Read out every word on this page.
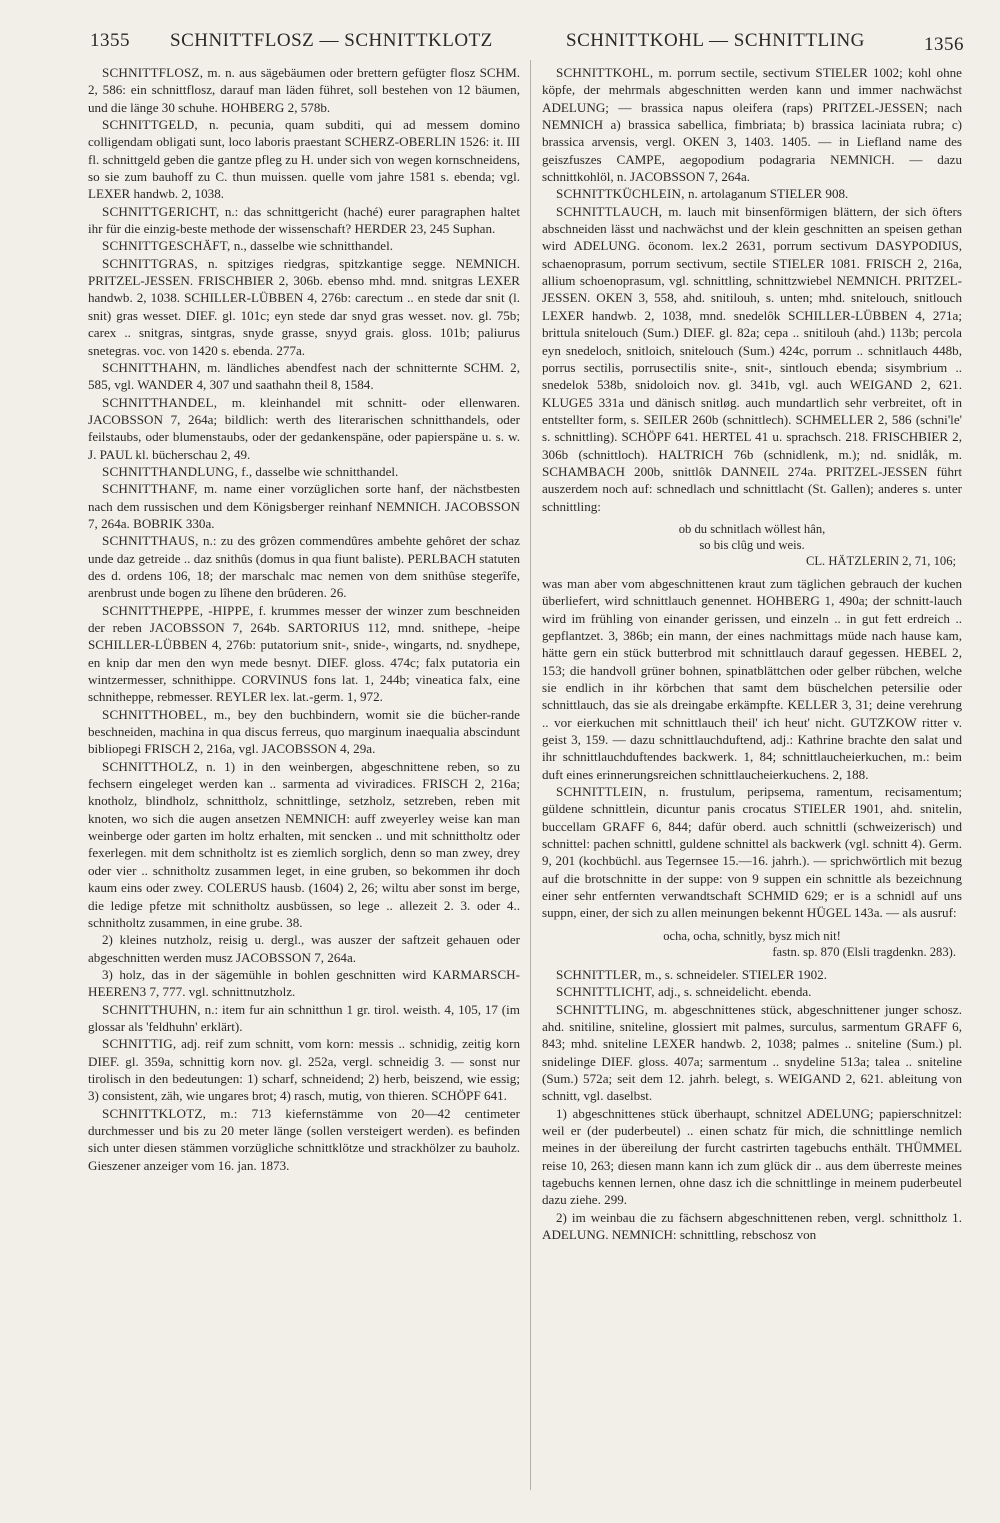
1355 SCHNITTFLOSZ — SCHNITTKLOTZ	SCHNITTKOHL — SCHNITTLING	1356

SCHNITTFLOSZ, m. n. aus sägebäumen oder brettern gefügter flosz SCHM. 2, 586: ein schnittflosz, darauf man läden führet, soll bestehen von 12 bäumen, und die länge 30 schuhe. HOHBERG 2, 578b.

SCHNITTGELD, n. pecunia, quam subditi, qui ad messem domino colligendam obligati sunt, loco laboris praestant SCHERZ-OBERLIN 1526: it. III fl. schnittgeld geben die gantze pfleg zu H. under sich von wegen kornschneidens, so sie zum bauhoff zu C. thun muissen. quelle vom jahre 1581 s. ebenda; vgl. LEXER handwb. 2, 1038.

SCHNITTGERICHT, n.: das schnittgericht (haché) eurer paragraphen haltet ihr für die einzig-beste methode der wissenschaft? HERDER 23, 245 Suphan.

SCHNITTGESCHÄFT, n., dasselbe wie schnitthandel.

SCHNITTGRAS, n. spitziges riedgras, spitzkantige segge. NEMNICH. PRITZEL-JESSEN. FRISCHBIER 2, 306b. ebenso mhd. mnd. snitgras LEXER handwb. 2, 1038. SCHILLER-LÜBBEN 4, 276b: carectum .. en stede dar snit (l. snit) gras wesset. DIEF. gl. 101c; eyn stede dar snyd gras wesset. nov. gl. 75b; carex .. snitgras, sintgras, snyde grasse, snyyd grais. gloss. 101b; paliurus snetegras. voc. von 1420 s. ebenda. 277a.

SCHNITTHAHN, m. ländliches abendfest nach der schnitternte SCHM. 2, 585, vgl. WANDER 4, 307 und saathahn theil 8, 1584.

SCHNITTHANDEL, m. kleinhandel mit schnitt- oder ellenwaren. JACOBSSON 7, 264a; bildlich: werth des literarischen schnitthandels, oder feilstaubs, oder blumenstaubs, oder der gedankenspäne, oder papierspäne u. s. w. J. PAUL kl. bücherschau 2, 49.

SCHNITTHANDLUNG, f., dasselbe wie schnitthandel.

SCHNITTHANF, m. name einer vorzüglichen sorte hanf, der nächstbesten nach dem russischen und dem Königsberger reinhanf NEMNICH. JACOBSSON 7, 264a. BOBRIK 330a.

SCHNITTHAUS, n.: zu des grôzen commendûres ambehte gehôret der schaz unde daz getreide .. daz snithûs (domus in qua fiunt baliste). PERLBACH statuten des d. ordens 106, 18; der marschalc mac nemen von dem snithûse stegerîfe, arenbrust unde bogen zu lîhene den brûderen. 26.

SCHNITTHEPPE, -HIPPE, f. krummes messer der winzer zum beschneiden der reben JACOBSSON 7, 264b. SARTORIUS 112, mnd. snithepe, -heipe SCHILLER-LÜBBEN 4, 276b: putatorium snit-, snide-, wingarts, nd. snydhepe, en knip dar men den wyn mede besnyt. DIEF. gloss. 474c; falx putatoria ein wintzermesser, schnithippe. CORVINUS fons lat. 1, 244b; vineatica falx, eine schnitheppe, rebmesser. REYLER lex. lat.-germ. 1, 972.

SCHNITTHOBEL, m., bey den buchbindern, womit sie die bücher-rande beschneiden, machina in qua discus ferreus, quo marginum inaequalia abscindunt bibliopegi FRISCH 2, 216a, vgl. JACOBSSON 4, 29a.

SCHNITTHOLZ, n. 1) in den weinbergen, abgeschnittene reben, so zu fechsern eingeleget werden kan .. sarmenta ad viviradices. FRISCH 2, 216a; knotholz, blindholz, schnittholz, schnittlinge, setzholz, setzreben, reben mit knoten, wo sich die augen ansetzen NEMNICH: auff zweyerley weise kan man weinberge oder garten im holtz erhalten, mit sencken .. und mit schnittholtz oder fexerlegen. mit dem schnitholtz ist es ziemlich sorglich, denn so man zwey, drey oder vier .. schnitholtz zusammen leget, in eine gruben, so bekommen ihr doch kaum eins oder zwey. COLERUS hausb. (1604) 2, 26; wiltu aber sonst im berge, die ledige pfetze mit schnitholtz ausbüssen, so lege .. allezeit 2. 3. oder 4.. schnitholtz zusammen, in eine grube. 38.

2) kleines nutzholz, reisig u. dergl., was auszer der saftzeit gehauen oder abgeschnitten werden musz JACOBSSON 7, 264a.

3) holz, das in der sägemühle in bohlen geschnitten wird KARMARSCH-HEEREN3 7, 777. vgl. schnittnutzholz.

SCHNITTHUHN, n.: item fur ain schnitthun 1 gr. tirol. weisth. 4, 105, 17 (im glossar als 'feldhuhn' erklärt).

SCHNITTIG, adj. reif zum schnitt, vom korn: messis .. schnidig, zeitig korn DIEF. gl. 359a, schnittig korn nov. gl. 252a, vergl. schneidig 3. — sonst nur tirolisch in den bedeutungen: 1) scharf, schneidend; 2) herb, beiszend, wie essig; 3) consistent, zäh, wie ungares brot; 4) rasch, mutig, von thieren. SCHÖPF 641.

SCHNITTKLOTZ, m.: 713 kiefernstämme von 20—42 centimeter durchmesser und bis zu 20 meter länge (sollen versteigert werden). es befinden sich unter diesen stämmen vorzügliche schnittklötze und strackhölzer zu bauholz. Gieszener anzeiger vom 16. jan. 1873.

SCHNITTKOHL, m. porrum sectile, sectivum STIELER 1002; kohl ohne köpfe, der mehrmals abgeschnitten werden kann und immer nachwächst ADELUNG; — brassica napus oleifera (raps) PRITZEL-JESSEN; nach NEMNICH a) brassica sabellica, fimbriata; b) brassica laciniata rubra; c) brassica arvensis, vergl. OKEN 3, 1403. 1405. — in Liefland name des geiszfuszes CAMPE, aegopodium podagraria NEMNICH. — dazu schnittkohlöl, n. JACOBSSON 7, 264a.

SCHNITTKÜCHLEIN, n. artolaganum STIELER 908.

SCHNITTLAUCH, m. lauch mit binsenförmigen blättern, der sich öfters abschneiden lässt und nachwächst und der klein geschnitten an speisen gethan wird ADELUNG. öconom. lex.2 2631, porrum sectivum DASYPODIUS, schaenoprasum, porrum sectivum, sectile STIELER 1081. FRISCH 2, 216a, allium schoenoprasum, vgl. schnittling, schnittzwiebel NEMNICH. PRITZEL-JESSEN. OKEN 3, 558, ahd. snitilouh, s. unten; mhd. snitelouch, snitlouch LEXER handwb. 2, 1038, mnd. snedelôk SCHILLER-LÜBBEN 4, 271a; brittula snitelouch (Sum.) DIEF. gl. 82a; cepa .. snitilouh (ahd.) 113b; percola eyn snedeloch, snitloich, snitelouch (Sum.) 424c, porrum .. schnitlauch 448b, porrus sectilis, porrusectilis snite-, snit-, sintlouch ebenda; sisymbrium .. snedelok 538b, snidoloich nov. gl. 341b, vgl. auch WEIGAND 2, 621. KLUGE5 331a und dänisch snitløg. auch mundartlich sehr verbreitet, oft in entstellter form, s. SEILER 260b (schnittlech). SCHMELLER 2, 586 (schni'le' s. schnittling). SCHÖPF 641. HERTEL 41 u. sprachsch. 218. FRISCHBIER 2, 306b (schnittloch). HALTRICH 76b (schnidlenk, m.); nd. snidlåk, m. SCHAMBACH 200b, snittlôk DANNEIL 274a. PRITZEL-JESSEN führt auszerdem noch auf: schnedlach und schnittlacht (St. Gallen); anderes s. unter schnittling:

ob du schnitlach wöllest hân,
so bis clûg und weis.
CL. HÄTZLERIN 2, 71, 106;

was man aber vom abgeschnittenen kraut zum täglichen gebrauch der kuchen überliefert, wird schnittlauch genennet. HOHBERG 1, 490a; der schnitt-lauch wird im frühling von einander gerissen, und einzeln .. in gut fett erdreich .. gepflantzet. 3, 386b; ein mann, der eines nachmittags müde nach hause kam, hätte gern ein stück butterbrod mit schnittlauch darauf gegessen. HEBEL 2, 153; die handvoll grüner bohnen, spinatblättchen oder gelber rübchen, welche sie endlich in ihr körbchen that samt dem büschelchen petersilie oder schnittlauch, das sie als dreingabe erkämpfte. KELLER 3, 31; deine verehrung .. vor eierkuchen mit schnittlauch theil' ich heut' nicht. GUTZKOW ritter v. geist 3, 159. — dazu schnittlauchduftend, adj.: Kathrine brachte den salat und ihr schnittlauchduftendes backwerk. 1, 84; schnittlaucheierkuchen, m.: beim duft eines erinnerungsreichen schnittlaucheierkuchens. 2, 188.

SCHNITTLEIN, n. frustulum, peripsema, ramentum, recisamentum; güldene schnittlein, dicuntur panis crocatus STIELER 1901, ahd. snitelin, buccellam GRAFF 6, 844; dafür oberd. auch schnittli (schweizerisch) und schnittel: pachen schnittl, guldene schnittel als backwerk (vgl. schnitt 4). Germ. 9, 201 (kochbüchl. aus Tegernsee 15.—16. jahrh.). — sprichwörtlich mit bezug auf die brotschnitte in der suppe: von 9 suppen ein schnittle als bezeichnung einer sehr entfernten verwandtschaft SCHMID 629; er is a schnidl auf uns suppn, einer, der sich zu allen meinungen bekennt HÜGEL 143a. — als ausruf:

ocha, ocha, schnitly, bysz mich nit!
fastn. sp. 870 (Elsli tragdenkn. 283).

SCHNITTLER, m., s. schneideler. STIELER 1902.

SCHNITTLICHT, adj., s. schneidelicht. ebenda.

SCHNITTLING, m. abgeschnittenes stück, abgeschnittener junger schosz. ahd. snitiline, sniteline, glossiert mit palmes, surculus, sarmentum GRAFF 6, 843; mhd. sniteline LEXER handwb. 2, 1038; palmes .. sniteline (Sum.) pl. snidelinge DIEF. gloss. 407a; sarmentum .. snydeline 513a; talea .. sniteline (Sum.) 572a; seit dem 12. jahrh. belegt, s. WEIGAND 2, 621. ableitung von schnitt, vgl. daselbst.

1) abgeschnittenes stück überhaupt, schnitzel ADELUNG; papierschnitzel: weil er (der puderbeutel) .. einen schatz für mich, die schnittlinge nemlich meines in der übereilung der furcht castrirten tagebuchs enthält. THÜMMEL reise 10, 263; diesen mann kann ich zum glück dir .. aus dem überreste meines tagebuchs kennen lernen, ohne dasz ich die schnittlinge in meinem puderbeutel dazu ziehe. 299.

2) im weinbau die zu fächsern abgeschnittenen reben, vergl. schnittholz 1. ADELUNG. NEMNICH: schnittling, rebschosz von
